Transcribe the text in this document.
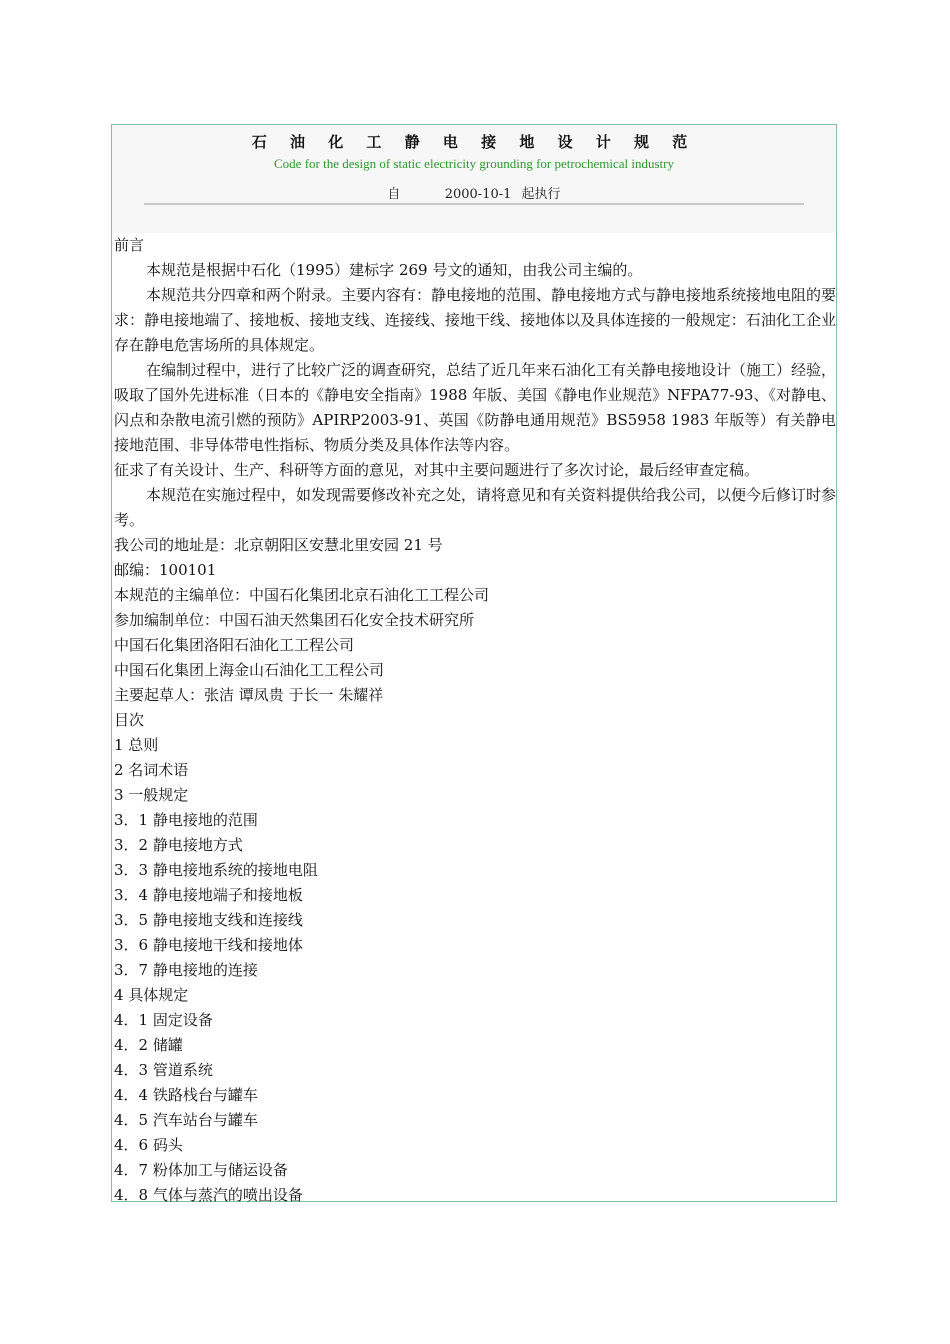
石 油 化 工 静 电 接 地 设 计 规 范
Code for the design of static electricity grounding for petrochemical industry
自	2000-10-1 起执行

前言

本规范是根据中石化（1995）建标字 269 号文的通知，由我公司主编的。

本规范共分四章和两个附录。主要内容有：静电接地的范围、静电接地方式与静电接地系统接地电阻的要求：静电接地端了、接地板、接地支线、连接线、接地干线、接地体以及具体连接的一般规定：石油化工企业存在静电危害场所的具体规定。

在编制过程中，进行了比较广泛的调查研究，总结了近几年来石油化工有关静电接地设计（施工）经验，吸取了国外先进标准（日本的《静电安全指南》1988 年版、美国《静电作业规范》NFPA77-93、《对静电、闪点和杂散电流引燃的预防》APIRP2003-91、英国《防静电通用规范》BS5958 1983 年版等）有关静电接地范围、非导体带电性指标、物质分类及具体作法等内容。

征求了有关设计、生产、科研等方面的意见，对其中主要问题进行了多次讨论，最后经审查定稿。

本规范在实施过程中，如发现需要修改补充之处，请将意见和有关资料提供给我公司，以便今后修订时参考。

我公司的地址是：北京朝阳区安慧北里安园 21 号

邮编：100101

本规范的主编单位：中国石化集团北京石油化工工程公司

参加编制单位：中国石油天然集团石化安全技术研究所

中国石化集团洛阳石油化工工程公司

中国石化集团上海金山石油化工工程公司

主要起草人：张洁 谭凤贵 于长一 朱耀祥

目次

1 总则

2 名词术语

3 一般规定

3．1 静电接地的范围

3．2 静电接地方式

3．3 静电接地系统的接地电阻

3．4 静电接地端子和接地板

3．5 静电接地支线和连接线

3．6 静电接地干线和接地体

3．7 静电接地的连接

4 具体规定

4．1 固定设备

4．2 储罐

4．3 管道系统

4．4 铁路栈台与罐车

4．5 汽车站台与罐车

4．6 码头

4．7 粉体加工与储运设备

4．8 气体与蒸汽的喷出设备
